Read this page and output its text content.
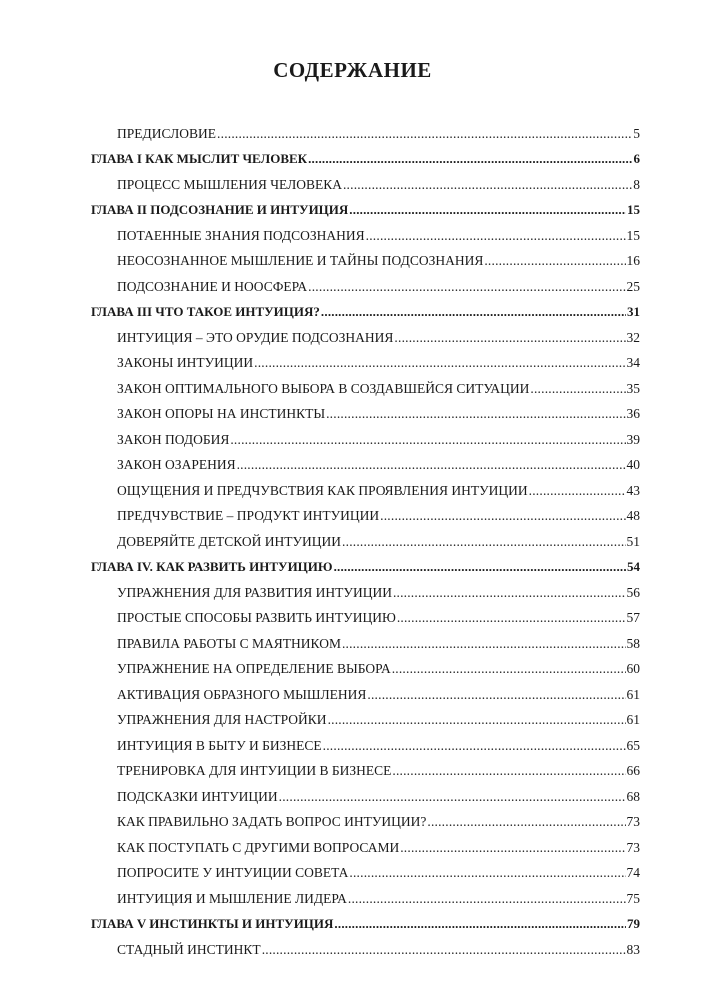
СОДЕРЖАНИЕ
ПРЕДИСЛОВИЕ .....	5
ГЛАВА I КАК МЫСЛИТ ЧЕЛОВЕК .....	6
ПРОЦЕСС МЫШЛЕНИЯ ЧЕЛОВЕКА .....	8
ГЛАВА II ПОДСОЗНАНИЕ И ИНТУИЦИЯ .....	15
ПОТАЕННЫЕ ЗНАНИЯ ПОДСОЗНАНИЯ .....	15
НЕОСОЗНАННОЕ МЫШЛЕНИЕ И ТАЙНЫ ПОДСОЗНАНИЯ .....	16
ПОДСОЗНАНИЕ И НООСФЕРА .....	25
ГЛАВА III ЧТО ТАКОЕ ИНТУИЦИЯ? .....	31
ИНТУИЦИЯ – ЭТО ОРУДИЕ ПОДСОЗНАНИЯ .....	32
ЗАКОНЫ ИНТУИЦИИ .....	34
ЗАКОН ОПТИМАЛЬНОГО ВЫБОРА В СОЗДАВШЕЙСЯ СИТУАЦИИ .....	35
ЗАКОН ОПОРЫ НА ИНСТИНКТЫ .....	36
ЗАКОН ПОДОБИЯ .....	39
ЗАКОН ОЗАРЕНИЯ .....	40
ОЩУЩЕНИЯ И ПРЕДЧУВСТВИЯ КАК ПРОЯВЛЕНИЯ ИНТУИЦИИ .....	43
ПРЕДЧУВСТВИЕ – ПРОДУКТ ИНТУИЦИИ .....	48
ДОВЕРЯЙТЕ ДЕТСКОЙ ИНТУИЦИИ .....	51
ГЛАВА IV. КАК РАЗВИТЬ ИНТУИЦИЮ .....	54
УПРАЖНЕНИЯ ДЛЯ РАЗВИТИЯ ИНТУИЦИИ .....	56
ПРОСТЫЕ СПОСОБЫ РАЗВИТЬ ИНТУИЦИЮ .....	57
ПРАВИЛА РАБОТЫ С МАЯТНИКОМ .....	58
УПРАЖНЕНИЕ НА ОПРЕДЕЛЕНИЕ ВЫБОРА .....	60
АКТИВАЦИЯ ОБРАЗНОГО МЫШЛЕНИЯ .....	61
УПРАЖНЕНИЯ ДЛЯ НАСТРОЙКИ .....	61
ИНТУИЦИЯ В БЫТУ И БИЗНЕСЕ .....	65
ТРЕНИРОВКА ДЛЯ ИНТУИЦИИ В БИЗНЕСЕ .....	66
ПОДСКАЗКИ ИНТУИЦИИ .....	68
КАК ПРАВИЛЬНО ЗАДАТЬ ВОПРОС ИНТУИЦИИ? .....	73
КАК ПОСТУПАТЬ С ДРУГИМИ ВОПРОСАМИ .....	73
ПОПРОСИТЕ У ИНТУИЦИИ СОВЕТА .....	74
ИНТУИЦИЯ И МЫШЛЕНИЕ ЛИДЕРА .....	75
ГЛАВА V ИНСТИНКТЫ И ИНТУИЦИЯ .....	79
СТАДНЫЙ ИНСТИНКТ .....	83
